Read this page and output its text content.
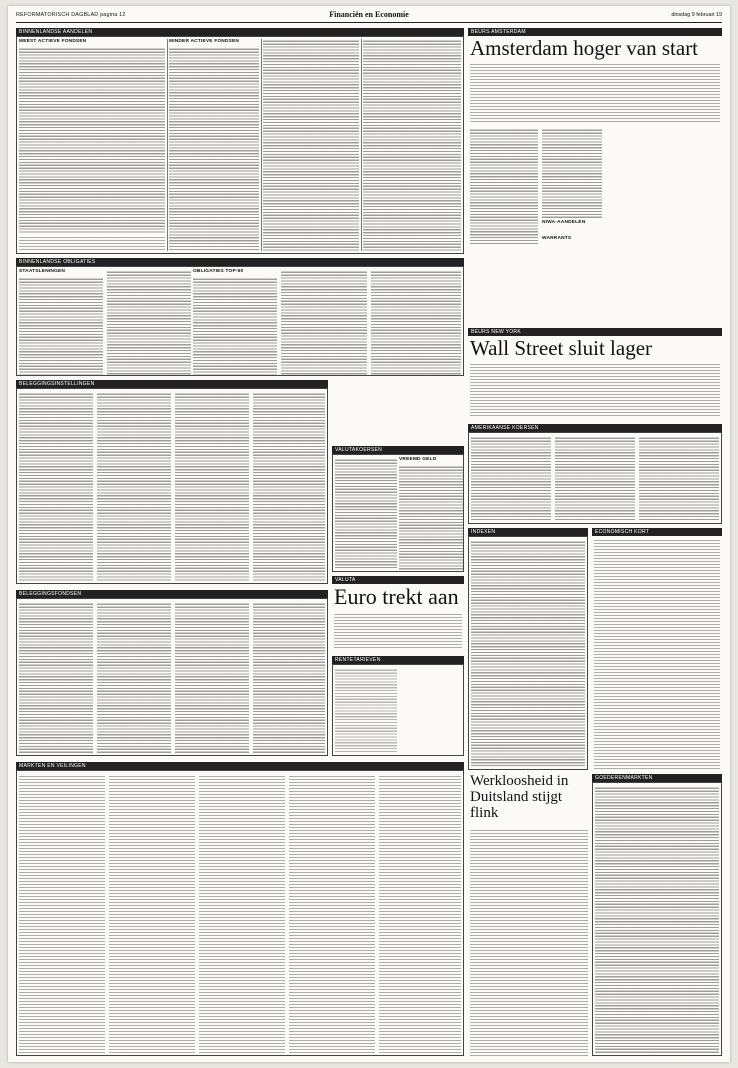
REFORMATORISCH DAGBLAD pagina 12	Financiën en Economie	dinsdag 9 februari 19
BINNENLANDSE AANDELEN
MEEST ACTIEVE FONDSEN	MINDER ACTIEVE FONDSEN
BINNENLANDSE OBLIGATIES
STAATSLENINGEN	OBLIGATIES TOP-50
BELEGGINGSINSTELLINGEN
VALUTAKOERSEN
VREEMD GELD
VALUTA
Euro trekt aan
BELEGGINGSFONDSEN
RENTETARIEVEN
MARKTEN EN VEILINGEN
BEURS AMSTERDAM
Amsterdam hoger van start
NIWA-AANDELEN
WARRANTS
BEURS NEW YORK
Wall Street sluit lager
AMERIKAANSE KOERSEN
INDEXEN	ECONOMISCH KORT
Werkloosheid in Duitsland stijgt flink
GOEDERENMARKTEN
